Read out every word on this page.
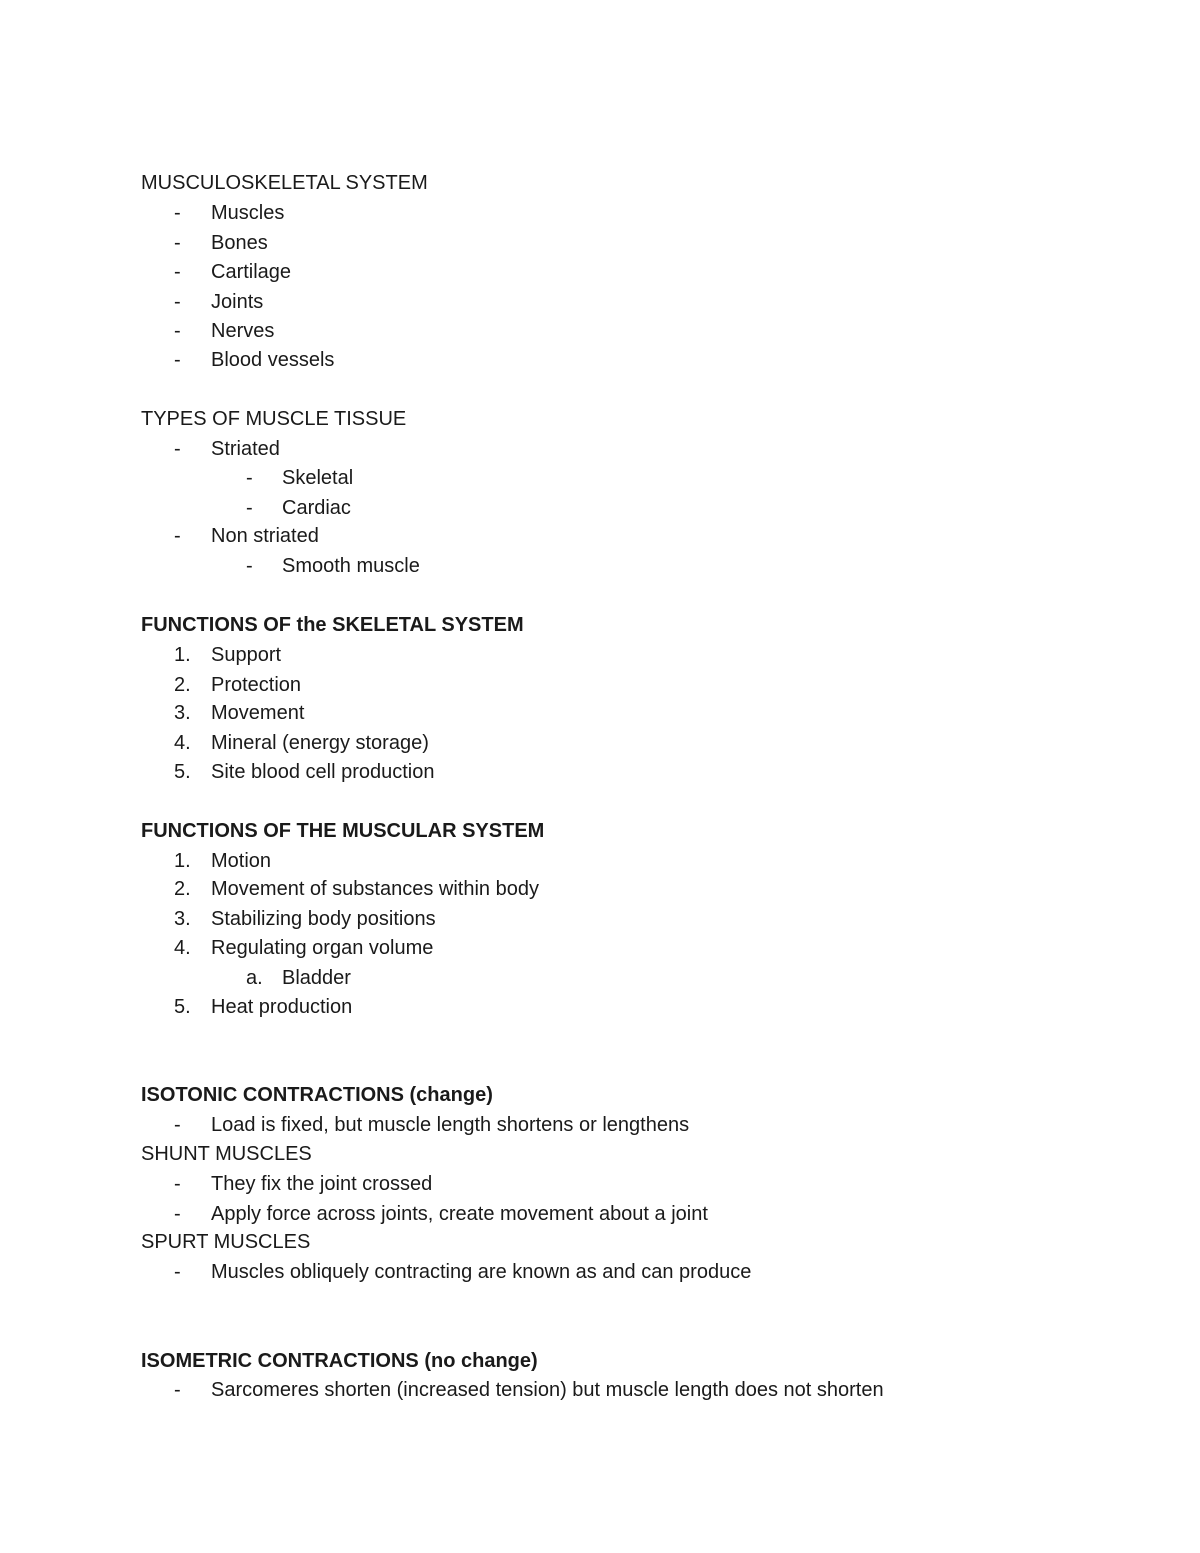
MUSCULOSKELETAL SYSTEM
-	Muscles
-	Bones
-	Cartilage
-	Joints
-	Nerves
-	Blood vessels
TYPES OF MUSCLE TISSUE
-	Striated
-	Skeletal
-	Cardiac
-	Non striated
-	Smooth muscle
FUNCTIONS OF the SKELETAL SYSTEM
1. Support
2. Protection
3. Movement
4. Mineral (energy storage)
5. Site blood cell production
FUNCTIONS OF THE MUSCULAR SYSTEM
1. Motion
2. Movement of substances within body
3. Stabilizing body positions
4. Regulating organ volume
a. Bladder
5. Heat production
ISOTONIC CONTRACTIONS (change)
-	Load is fixed, but muscle length shortens or lengthens
SHUNT MUSCLES
-	They fix the joint crossed
-	Apply force across joints, create movement about a joint
SPURT MUSCLES
-	Muscles obliquely contracting are known as and can produce
ISOMETRIC CONTRACTIONS (no change)
-	Sarcomeres shorten (increased tension) but muscle length does not shorten
